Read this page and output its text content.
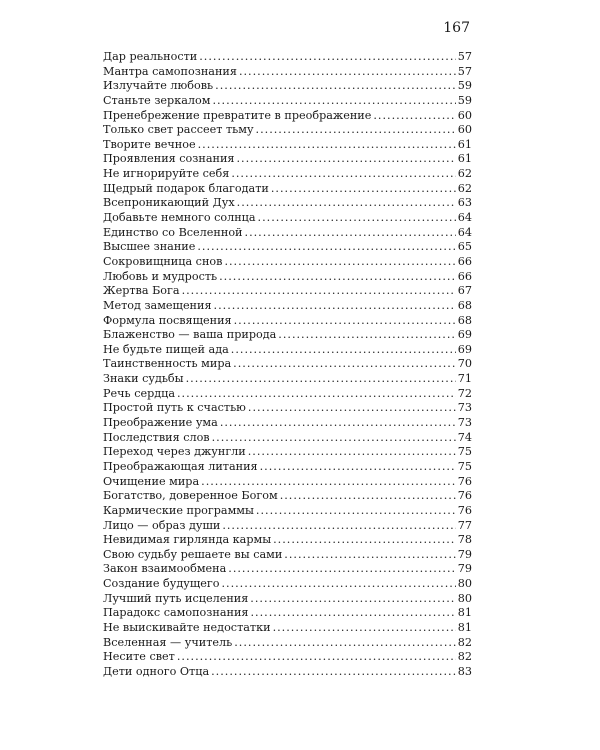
167
Дар реальности .....	57
Мантра самопознания .....	57
Излучайте любовь .....	59
Станьте зеркалом .....	59
Пренебрежение превратите в преображение .....	60
Только свет рассеет тьму .....	60
Творите вечное .....	61
Проявления сознания .....	61
Не игнорируйте себя .....	62
Щедрый подарок благодати .....	62
Всепроникающий Дух .....	63
Добавьте немного солнца .....	64
Единство со Вселенной .....	64
Высшее знание .....	65
Сокровищница снов .....	66
Любовь и мудрость .....	66
Жертва Бога .....	67
Метод замещения .....	68
Формула посвящения .....	68
Блаженство — ваша природа .....	69
Не будьте пищей ада .....	69
Таинственность мира .....	70
Знаки судьбы .....	71
Речь сердца .....	72
Простой путь к счастью .....	73
Преображение ума .....	73
Последствия слов .....	74
Переход через джунгли .....	75
Преображающая литания .....	75
Очищение мира .....	76
Богатство, доверенное Богом .....	76
Кармические программы .....	76
Лицо — образ души .....	77
Невидимая гирлянда кармы .....	78
Свою судьбу решаете вы сами .....	79
Закон взаимообмена .....	79
Создание будущего .....	80
Лучший путь исцеления .....	80
Парадокс самопознания .....	81
Не выискивайте недостатки .....	81
Вселенная — учитель .....	82
Несите свет .....	82
Дети одного Отца .....	83
